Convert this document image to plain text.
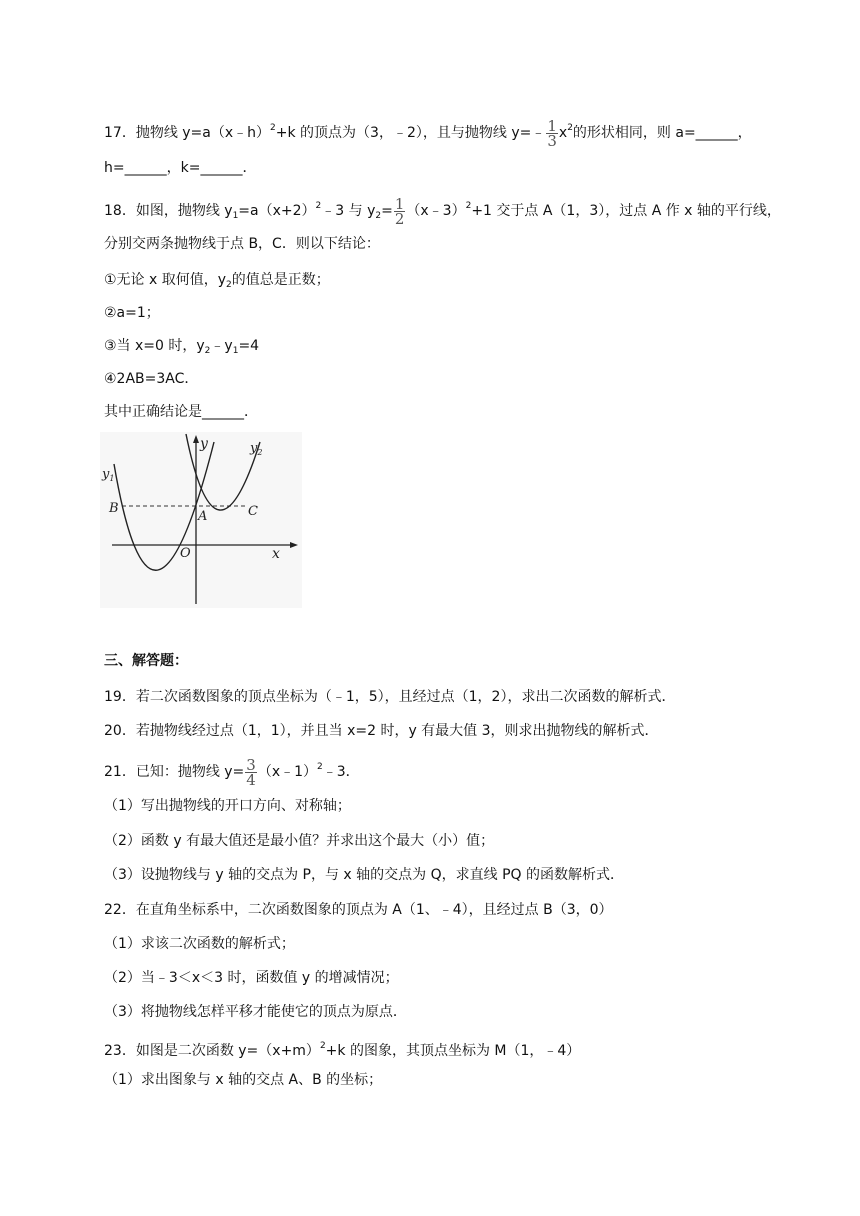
17．抛物线 y=a（x﹣h）$^2$+k 的顶点为（3，﹣2），且与抛物线 y=﹣ $\frac{1}{3} x^2$的形状相同，则 a=______，
h=______，k=______．
18．如图，抛物线 $y_1=a(x+2)^2﹣3$ 与 $y_2= \frac{1}{2}$ （x﹣3）$^2$+1 交于点 A（1，3），过点 A 作 x 轴的平行线，
分别交两条抛物线于点 B，C．则以下结论：
①无论 x 取何值，$y_2$的值总是正数；
②a=1；
③当 x=0 时，$y_2﹣y_1=4$
④2AB=3AC．
其中正确结论是______．
y	$y_2$
$y_1$
B
A	C
O	x
三、解答题：
19．若二次函数图象的顶点坐标为（﹣1，5），且经过点（1，2），求出二次函数的解析式．
20．若抛物线经过点（1，1），并且当 x=2 时，y 有最大值 3，则求出抛物线的解析式．
21．已知：抛物线 $y= \frac{3}{4}$ （x﹣1）$^2$﹣3．
（1）写出抛物线的开口方向、对称轴；
（2）函数 y 有最大值还是最小值？并求出这个最大（小）值；
（3）设抛物线与 y 轴的交点为 P，与 x 轴的交点为 Q，求直线 PQ 的函数解析式．
22．在直角坐标系中，二次函数图象的顶点为 A（1、﹣4），且经过点 B（3，0）
（1）求该二次函数的解析式；
（2）当﹣3＜x＜3 时，函数值 y 的增减情况；
（3）将抛物线怎样平移才能使它的顶点为原点．
23．如图是二次函数 $y=(x+m)^2+k$ 的图象，其顶点坐标为 M（1，﹣4）
（1）求出图象与 x 轴的交点 A、B 的坐标；
